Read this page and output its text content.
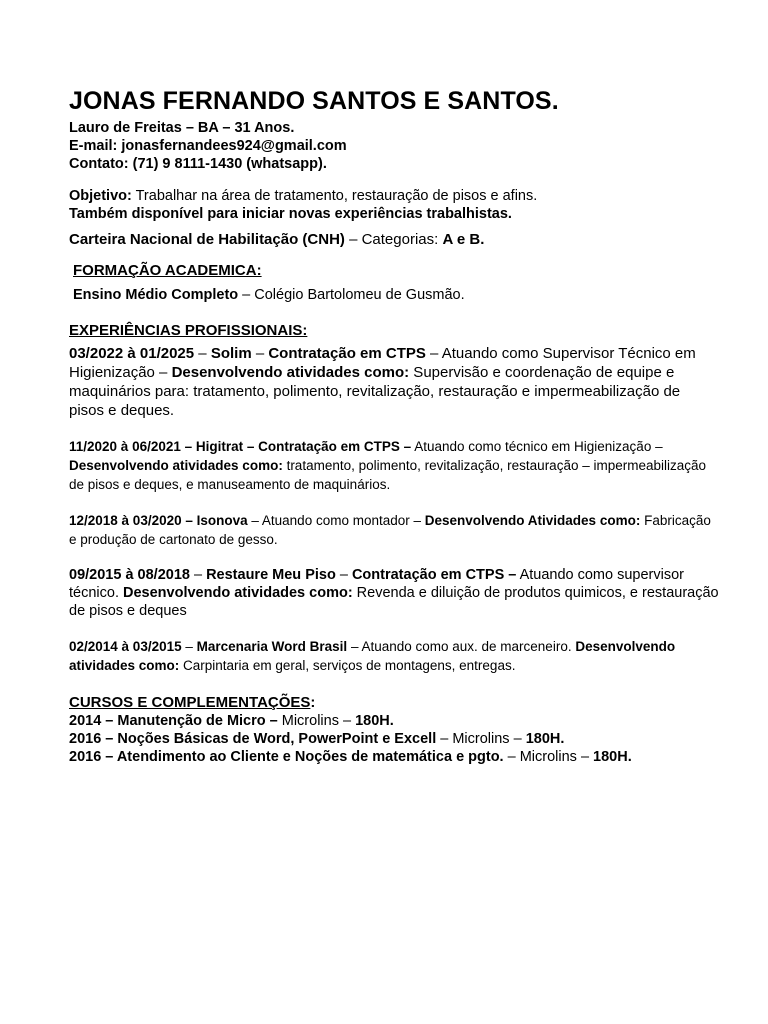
JONAS FERNANDO SANTOS E SANTOS.

Lauro de Freitas – BA – 31 Anos.

E-mail: jonasfernandees924@gmail.com

Contato: (71) 9 8111-1430 (whatsapp).

Objetivo: Trabalhar na área de tratamento, restauração de pisos e afins.

Também disponível para iniciar novas experiências trabalhistas.

Carteira Nacional de Habilitação (CNH) – Categorias: A e B.

FORMAÇÃO ACADEMICA:

Ensino Médio Completo – Colégio Bartolomeu de Gusmão.

EXPERIÊNCIAS PROFISSIONAIS:

03/2022 à 01/2025 – Solim – Contratação em CTPS – Atuando como Supervisor Técnico em Higienização – Desenvolvendo atividades como: Supervisão e coordenação de equipe e maquinários para: tratamento, polimento, revitalização, restauração e impermeabilização de pisos e deques.

11/2020 à 06/2021 – Higitrat – Contratação em CTPS – Atuando como técnico em Higienização – Desenvolvendo atividades como: tratamento, polimento, revitalização, restauração – impermeabilização de pisos e deques, e manuseamento de maquinários.

12/2018 à 03/2020 – Isonova – Atuando como montador – Desenvolvendo Atividades como: Fabricação e produção de cartonato de gesso.

09/2015 à 08/2018 – Restaure Meu Piso – Contratação em CTPS – Atuando como supervisor técnico. Desenvolvendo atividades como: Revenda e diluição de produtos quimicos, e restauração de pisos e deques

02/2014 à 03/2015 – Marcenaria Word Brasil – Atuando como aux. de marceneiro. Desenvolvendo atividades como: Carpintaria em geral, serviços de montagens, entregas.

CURSOS E COMPLEMENTAÇÕES:

2014 – Manutenção de Micro – Microlins – 180H.

2016 – Noções Básicas de Word, PowerPoint e Excell – Microlins – 180H.

2016 – Atendimento ao Cliente e Noções de matemática e pgto. – Microlins – 180H.
